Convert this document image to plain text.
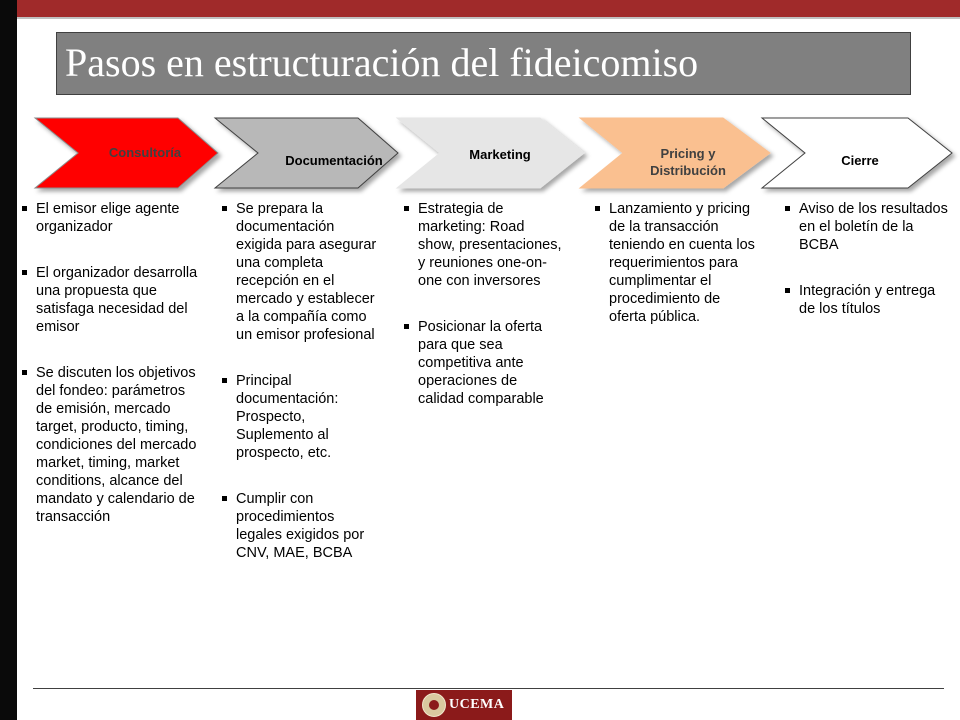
Pasos en estructuración del fideicomiso
Consultoría
Documentación	Marketing	Pricing y Distribución
Cierre
El emisor elige agente organizador
El organizador desarrolla una propuesta que satisfaga necesidad del emisor
Se discuten los objetivos del fondeo: parámetros de emisión, mercado target, producto, timing, condiciones del mercado market, timing, market conditions, alcance del mandato y calendario de transacción
Se prepara la documentación exigida para asegurar una completa recepción en el mercado y establecer a la compañía como un emisor profesional
Principal documentación: Prospecto, Suplemento al prospecto, etc.
Cumplir con procedimientos legales exigidos por CNV, MAE, BCBA
Estrategia de marketing: Road show, presentaciones, y reuniones one-on-one con inversores
Posicionar la oferta para que sea competitiva ante operaciones de calidad comparable
Lanzamiento y pricing de la transacción teniendo en cuenta los requerimientos para cumplimentar el procedimiento de oferta pública.
Aviso de los resultados en el boletín de la BCBA
Integración y entrega de los títulos
UCEMA
